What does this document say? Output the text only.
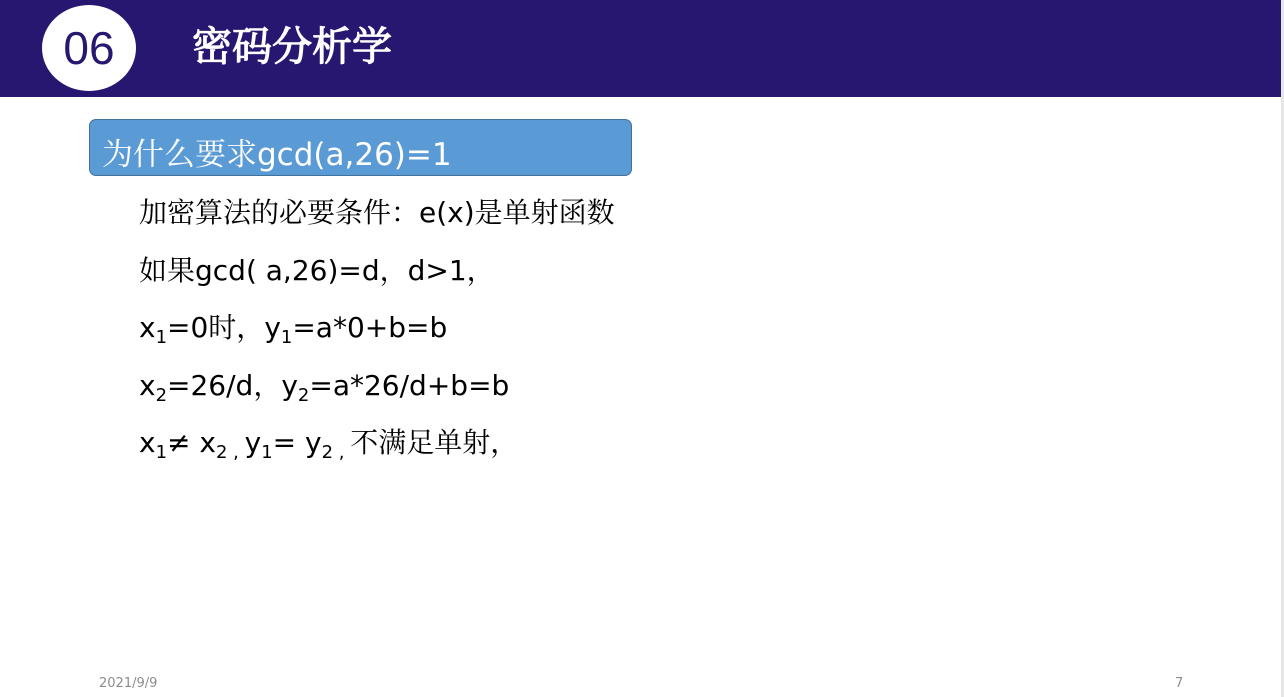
06 密码分析学
为什么要求gcd(a,26)=1
加密算法的必要条件：e(x)是单射函数
如果gcd( a,26)=d，d>1，
$x_1=0$时，$y_1=a*0+b=b$
$x_2=26/d$，$y_2=a*26/d+b=b$
$x_1\ne x_{2 ,}$ $y_1= y_{2 ,}$ 不满足单射，
2021/9/9	7
